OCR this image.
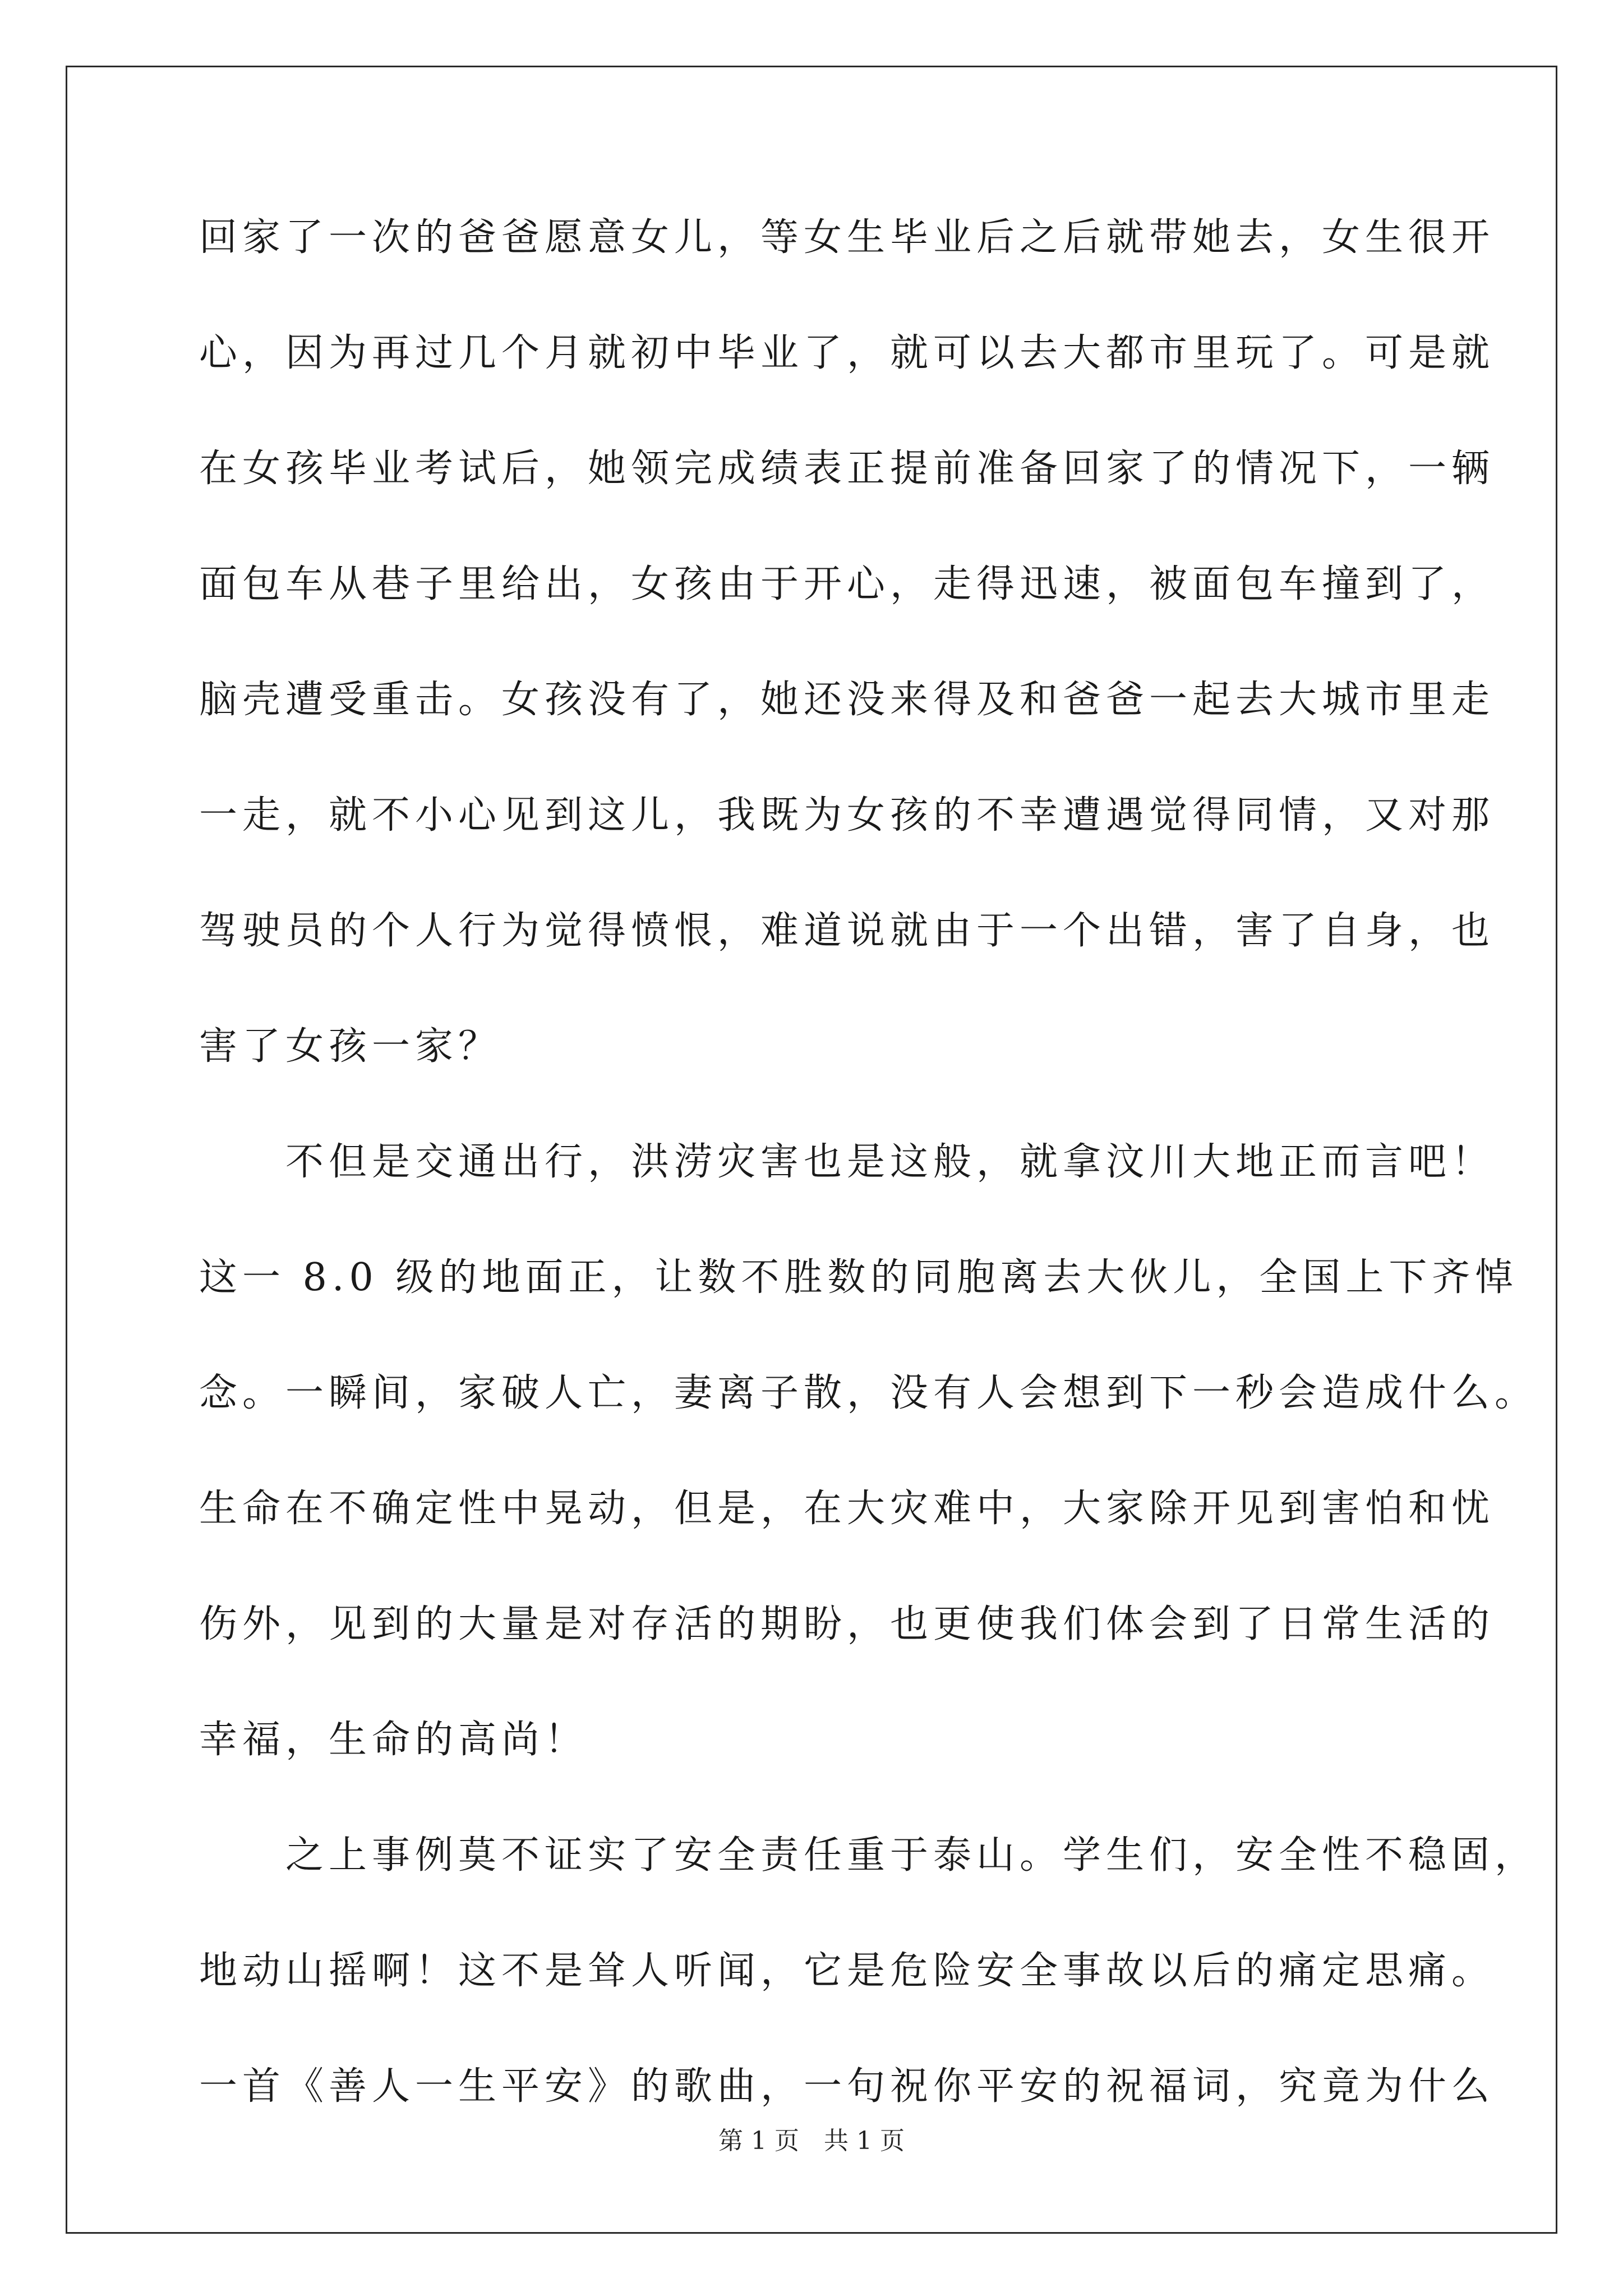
回家了一次的爸爸愿意女儿，等女生毕业后之后就带她去，女生很开
心，因为再过几个月就初中毕业了，就可以去大都市里玩了。可是就
在女孩毕业考试后，她领完成绩表正提前准备回家了的情况下，一辆
面包车从巷子里给出，女孩由于开心，走得迅速，被面包车撞到了，
脑壳遭受重击。女孩没有了，她还没来得及和爸爸一起去大城市里走
一走，就不小心见到这儿，我既为女孩的不幸遭遇觉得同情，又对那
驾驶员的个人行为觉得愤恨，难道说就由于一个出错，害了自身，也
害了女孩一家？
　　不但是交通出行，洪涝灾害也是这般，就拿汶川大地正而言吧！
这一 8.0 级的地面正，让数不胜数的同胞离去大伙儿，全国上下齐悼
念。一瞬间，家破人亡，妻离子散，没有人会想到下一秒会造成什么。
生命在不确定性中晃动，但是，在大灾难中，大家除开见到害怕和忧
伤外，见到的大量是对存活的期盼，也更使我们体会到了日常生活的
幸福，生命的高尚！
　　之上事例莫不证实了安全责任重于泰山。学生们，安全性不稳固，
地动山摇啊！这不是耸人听闻，它是危险安全事故以后的痛定思痛。
一首《善人一生平安》的歌曲，一句祝你平安的祝福词，究竟为什么
第 1 页　共 1 页
